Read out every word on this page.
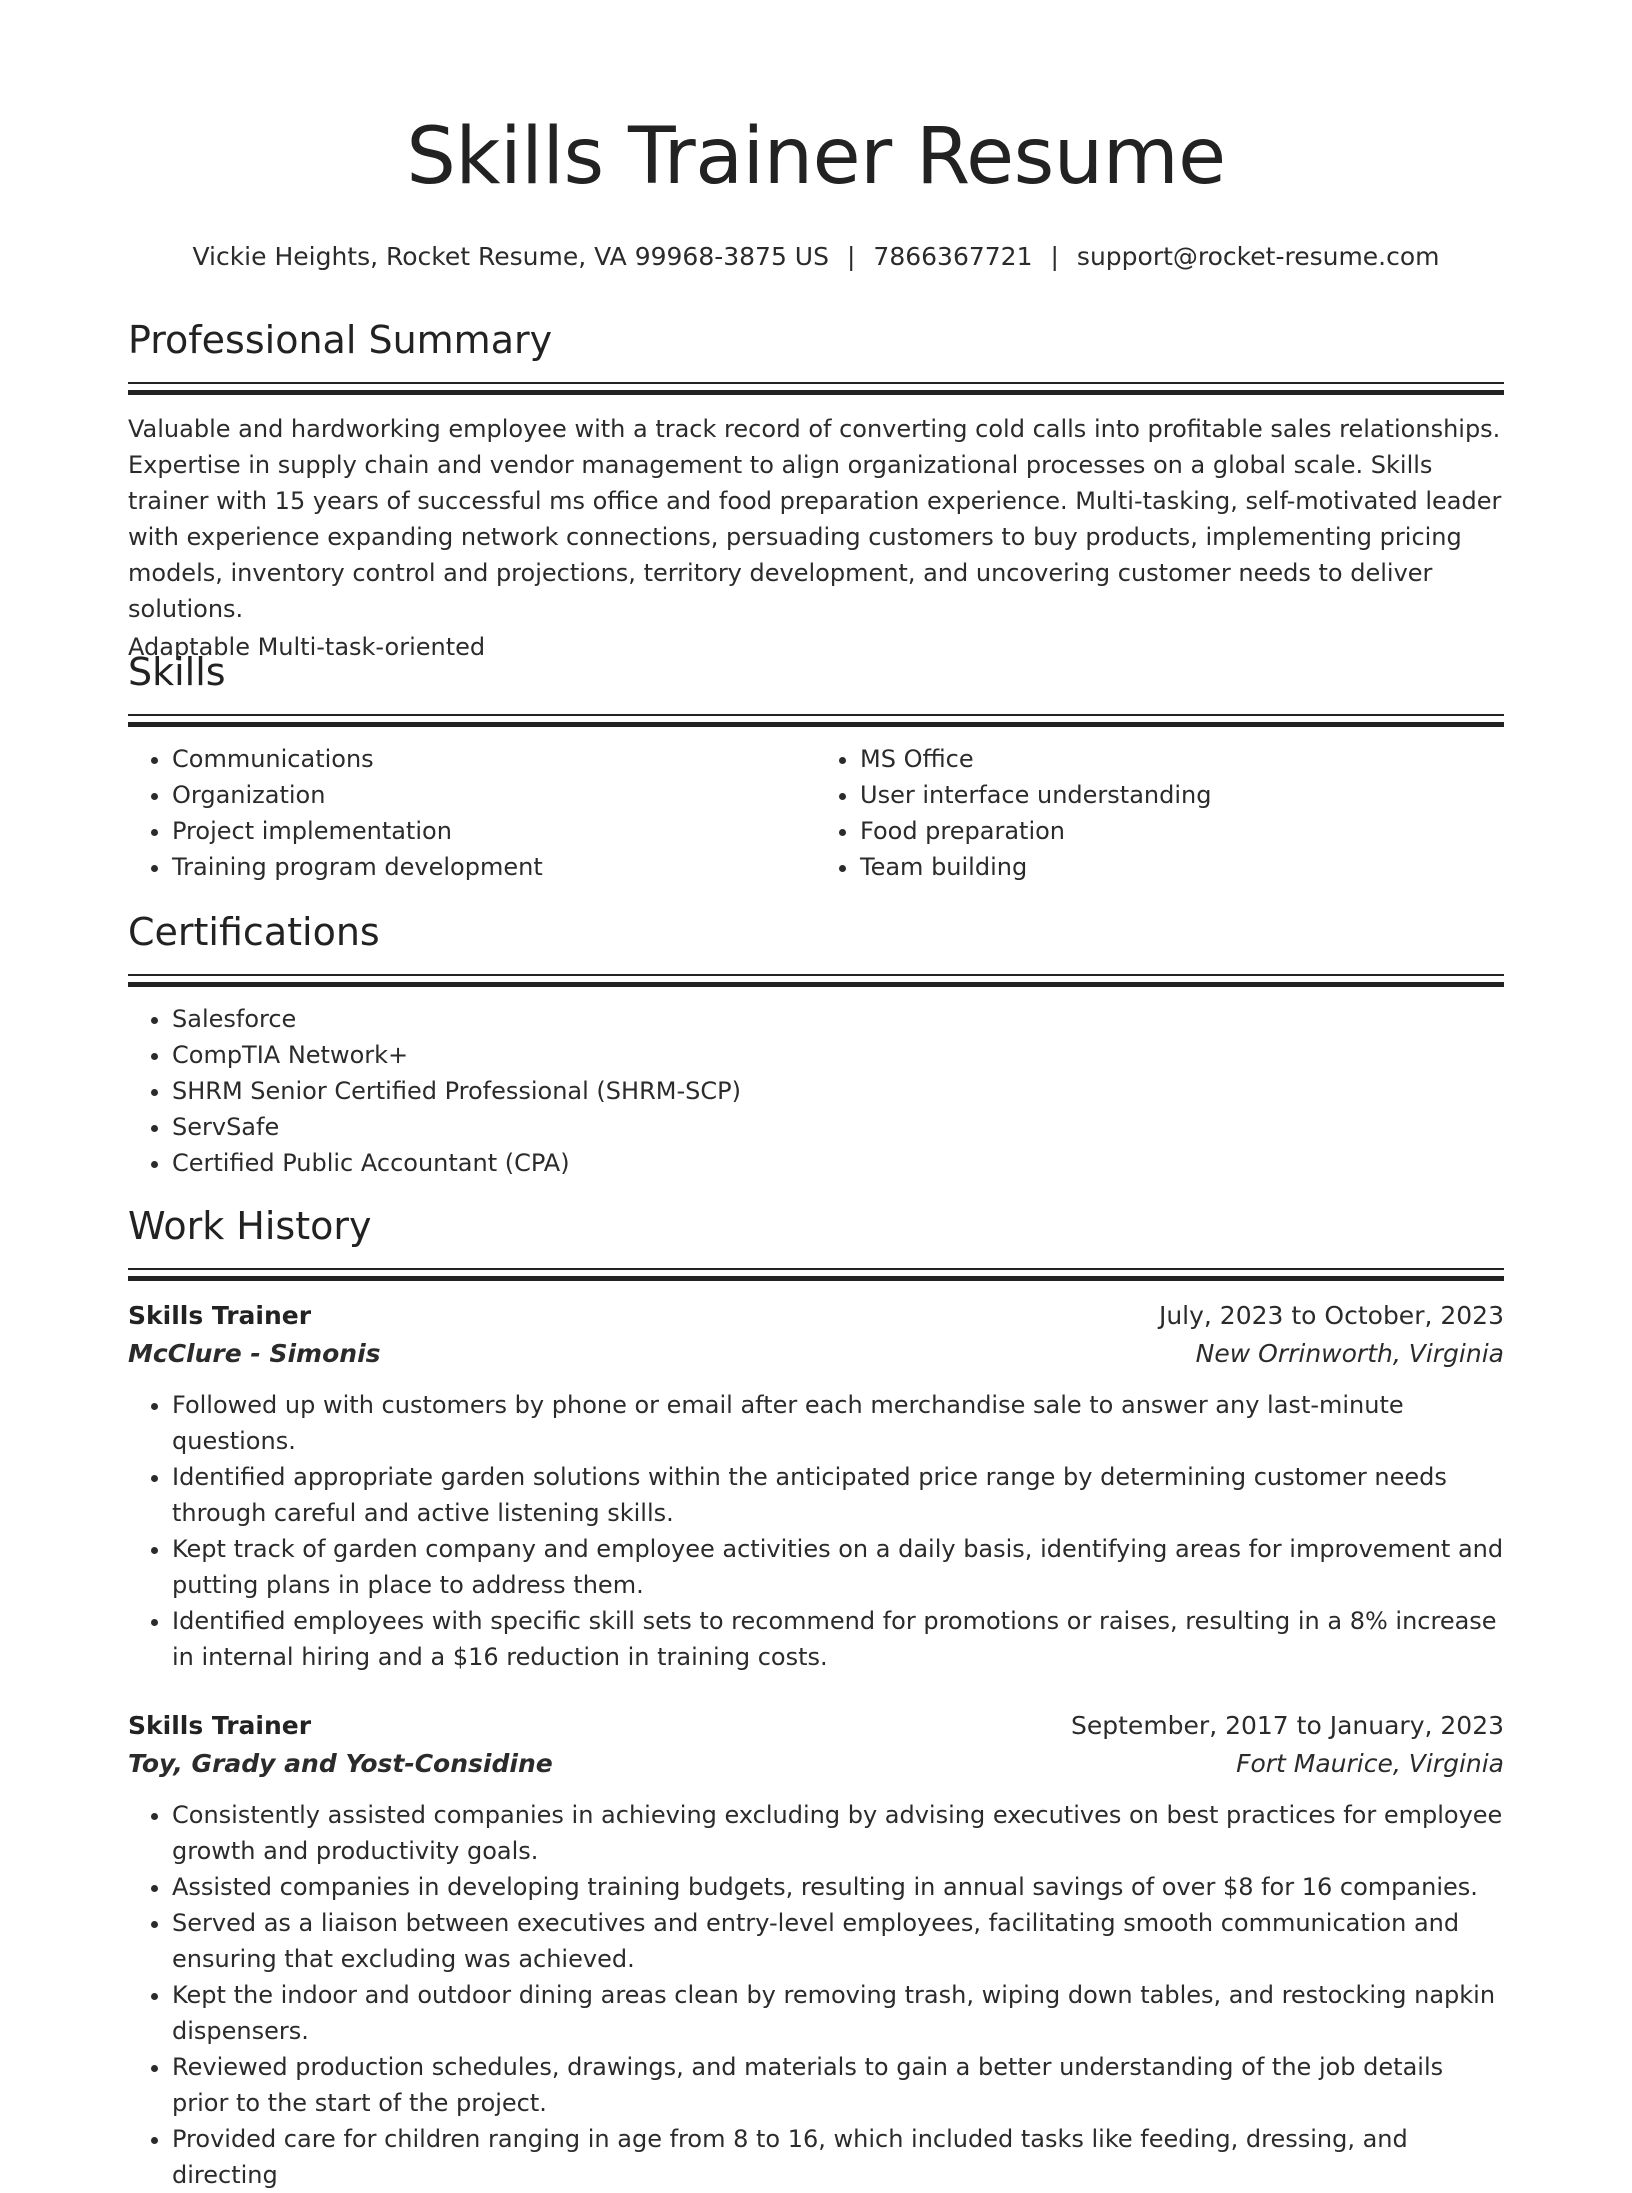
Skills Trainer Resume
Vickie Heights, Rocket Resume, VA 99968-3875 US | 7866367721 | support@rocket-resume.com
Professional Summary

Valuable and hardworking employee with a track record of converting cold calls into profitable sales relationships. Expertise in supply chain and vendor management to align organizational processes on a global scale. Skills trainer with 15 years of successful ms office and food preparation experience. Multi-tasking, self-motivated leader with experience expanding network connections, persuading customers to buy products, implementing pricing models, inventory control and projections, territory development, and uncovering customer needs to deliver solutions.

Adaptable Multi-task-oriented

Skills
• Communications
• Organization
• Project implementation
• Training program development
• MS Office
• User interface understanding
• Food preparation
• Team building
Certifications
• Salesforce
• CompTIA Network+
• SHRM Senior Certified Professional (SHRM-SCP)
• ServSafe
• Certified Public Accountant (CPA)
Work History
Skills Trainer	July, 2023 to October, 2023
McClure - Simonis	New Orrinworth, Virginia
• Followed up with customers by phone or email after each merchandise sale to answer any last-minute questions.
• Identified appropriate garden solutions within the anticipated price range by determining customer needs through careful and active listening skills.
• Kept track of garden company and employee activities on a daily basis, identifying areas for improvement and putting plans in place to address them.
• Identified employees with specific skill sets to recommend for promotions or raises, resulting in a 8% increase in internal hiring and a $16 reduction in training costs.
Skills Trainer	September, 2017 to January, 2023
Toy, Grady and Yost-Considine	Fort Maurice, Virginia
• Consistently assisted companies in achieving excluding by advising executives on best practices for employee growth and productivity goals.
• Assisted companies in developing training budgets, resulting in annual savings of over $8 for 16 companies.
• Served as a liaison between executives and entry-level employees, facilitating smooth communication and ensuring that excluding was achieved.
• Kept the indoor and outdoor dining areas clean by removing trash, wiping down tables, and restocking napkin dispensers.
• Reviewed production schedules, drawings, and materials to gain a better understanding of the job details prior to the start of the project.
• Provided care for children ranging in age from 8 to 16, which included tasks like feeding, dressing, and directing
